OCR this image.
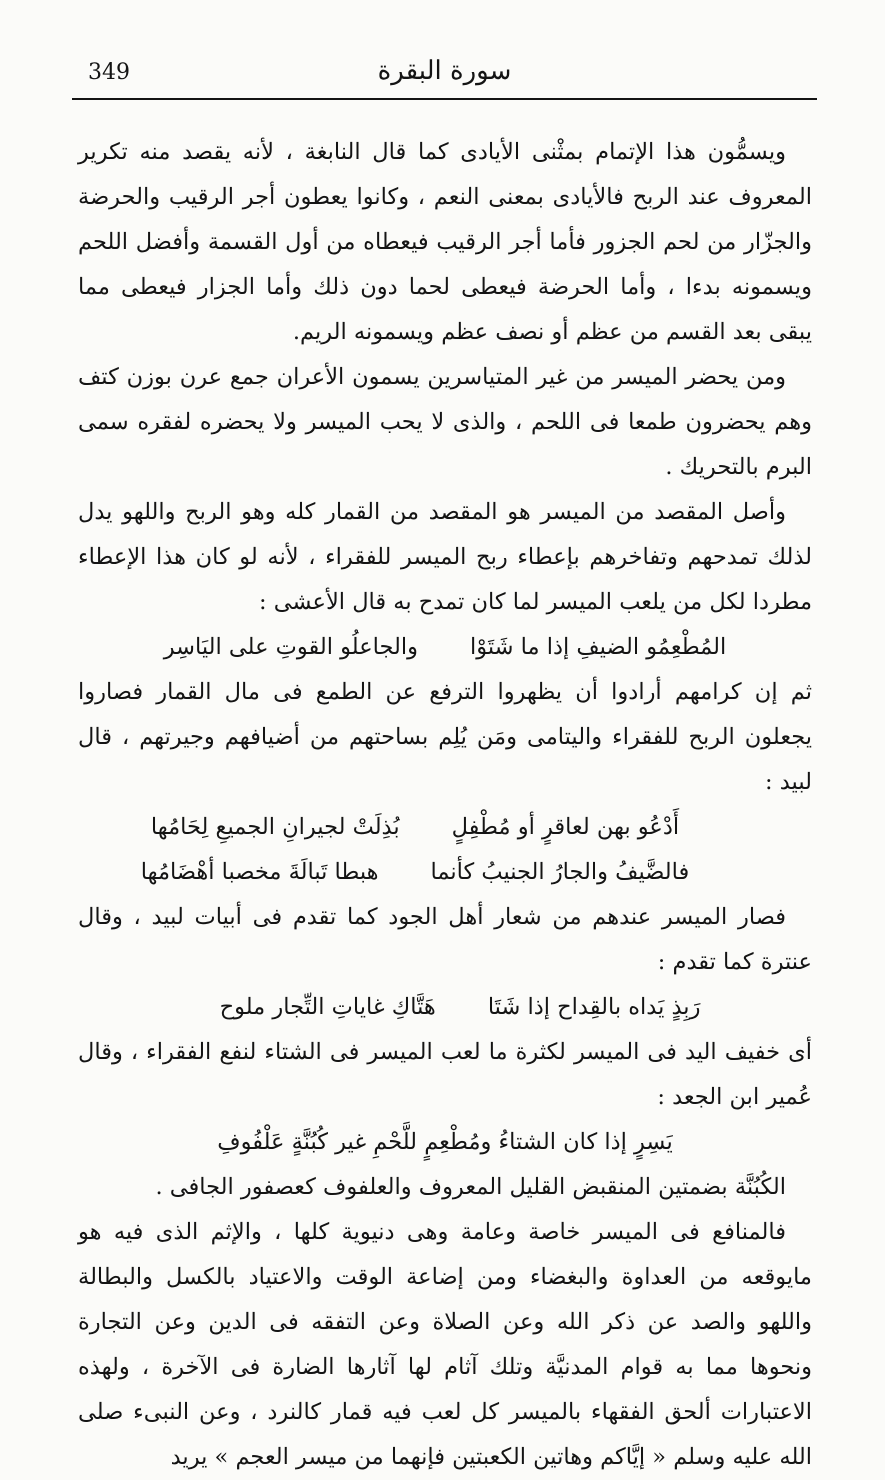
349	سورة البقرة

ويسمُّون هذا الإتمام بمثْنى الأيادى كما قال النابغة ، لأنه يقصد منه تكرير المعروف عند الربح فالأيادى بمعنى النعم ، وكانوا يعطون أجر الرقيب والحرضة والجزّار من لحم الجزور فأما أجر الرقيب فيعطاه من أول القسمة وأفضل اللحم ويسمونه بدءا ، وأما الحرضة فيعطى لحما دون ذلك وأما الجزار فيعطى مما يبقى بعد القسم من عظم أو نصف عظم ويسمونه الريم.

ومن يحضر الميسر من غير المتياسرين يسمون الأعران جمع عرن بوزن كتف وهم يحضرون طمعا فى اللحم ، والذى لا يحب الميسر ولا يحضره لفقره سمى البرم بالتحريك .

وأصل المقصد من الميسر هو المقصد من القمار كله وهو الربح واللهو يدل لذلك تمدحهم وتفاخرهم بإعطاء ربح الميسر للفقراء ، لأنه لو كان هذا الإعطاء مطردا لكل من يلعب الميسر لما كان تمدح به قال الأعشى :

المُطْعِمُو الضيفِ إذا ما شَتَوْا
والجاعلُو القوتِ على اليَاسِر

ثم إن كرامهم أرادوا أن يظهروا الترفع عن الطمع فى مال القمار فصاروا يجعلون الربح للفقراء واليتامى ومَن يُلِم بساحتهم من أضيافهم وجيرتهم ، قال لبيد :

أَدْعُو بهن لعاقرٍ أو مُطْفِلٍ
بُذِلَتْ لجيرانِ الجميعِ لِحَامُها
فالضَّيفُ والجارُ الجنيبُ كأنما
هبطا تَبالَةَ مخصبا أهْضَامُها

فصار الميسر عندهم من شعار أهل الجود كما تقدم فى أبيات لبيد ، وقال عنترة كما تقدم :

رَبِذٍ يَداه بالقِداح إذا شَتَا
هَتَّاكِ غاياتِ التِّجار ملوح

أى خفيف اليد فى الميسر لكثرة ما لعب الميسر فى الشتاء لنفع الفقراء ، وقال عُمير ابن الجعد :

يَسِرٍ إذا كان الشتاءُ ومُطْعِمٍ للَّحْمِ غير كُبُنَّةٍ عَلْفُوفِ

الكُبُنَّة بضمتين المنقبض القليل المعروف والعلفوف كعصفور الجافى .

فالمنافع فى الميسر خاصة وعامة وهى دنيوية كلها ، والإثم الذى فيه هو مايوقعه من العداوة والبغضاء ومن إضاعة الوقت والاعتياد بالكسل والبطالة واللهو والصد عن ذكر الله وعن الصلاة وعن التفقه فى الدين وعن التجارة ونحوها مما به قوام المدنيَّة وتلك آثام لها آثارها الضارة فى الآخرة ، ولهذه الاعتبارات ألحق الفقهاء بالميسر كل لعب فيه قمار كالنرد ، وعن النبىء صلى الله عليه وسلم « إيَّاكم وهاتين الكعبتين فإنهما من ميسر العجم » يريد
